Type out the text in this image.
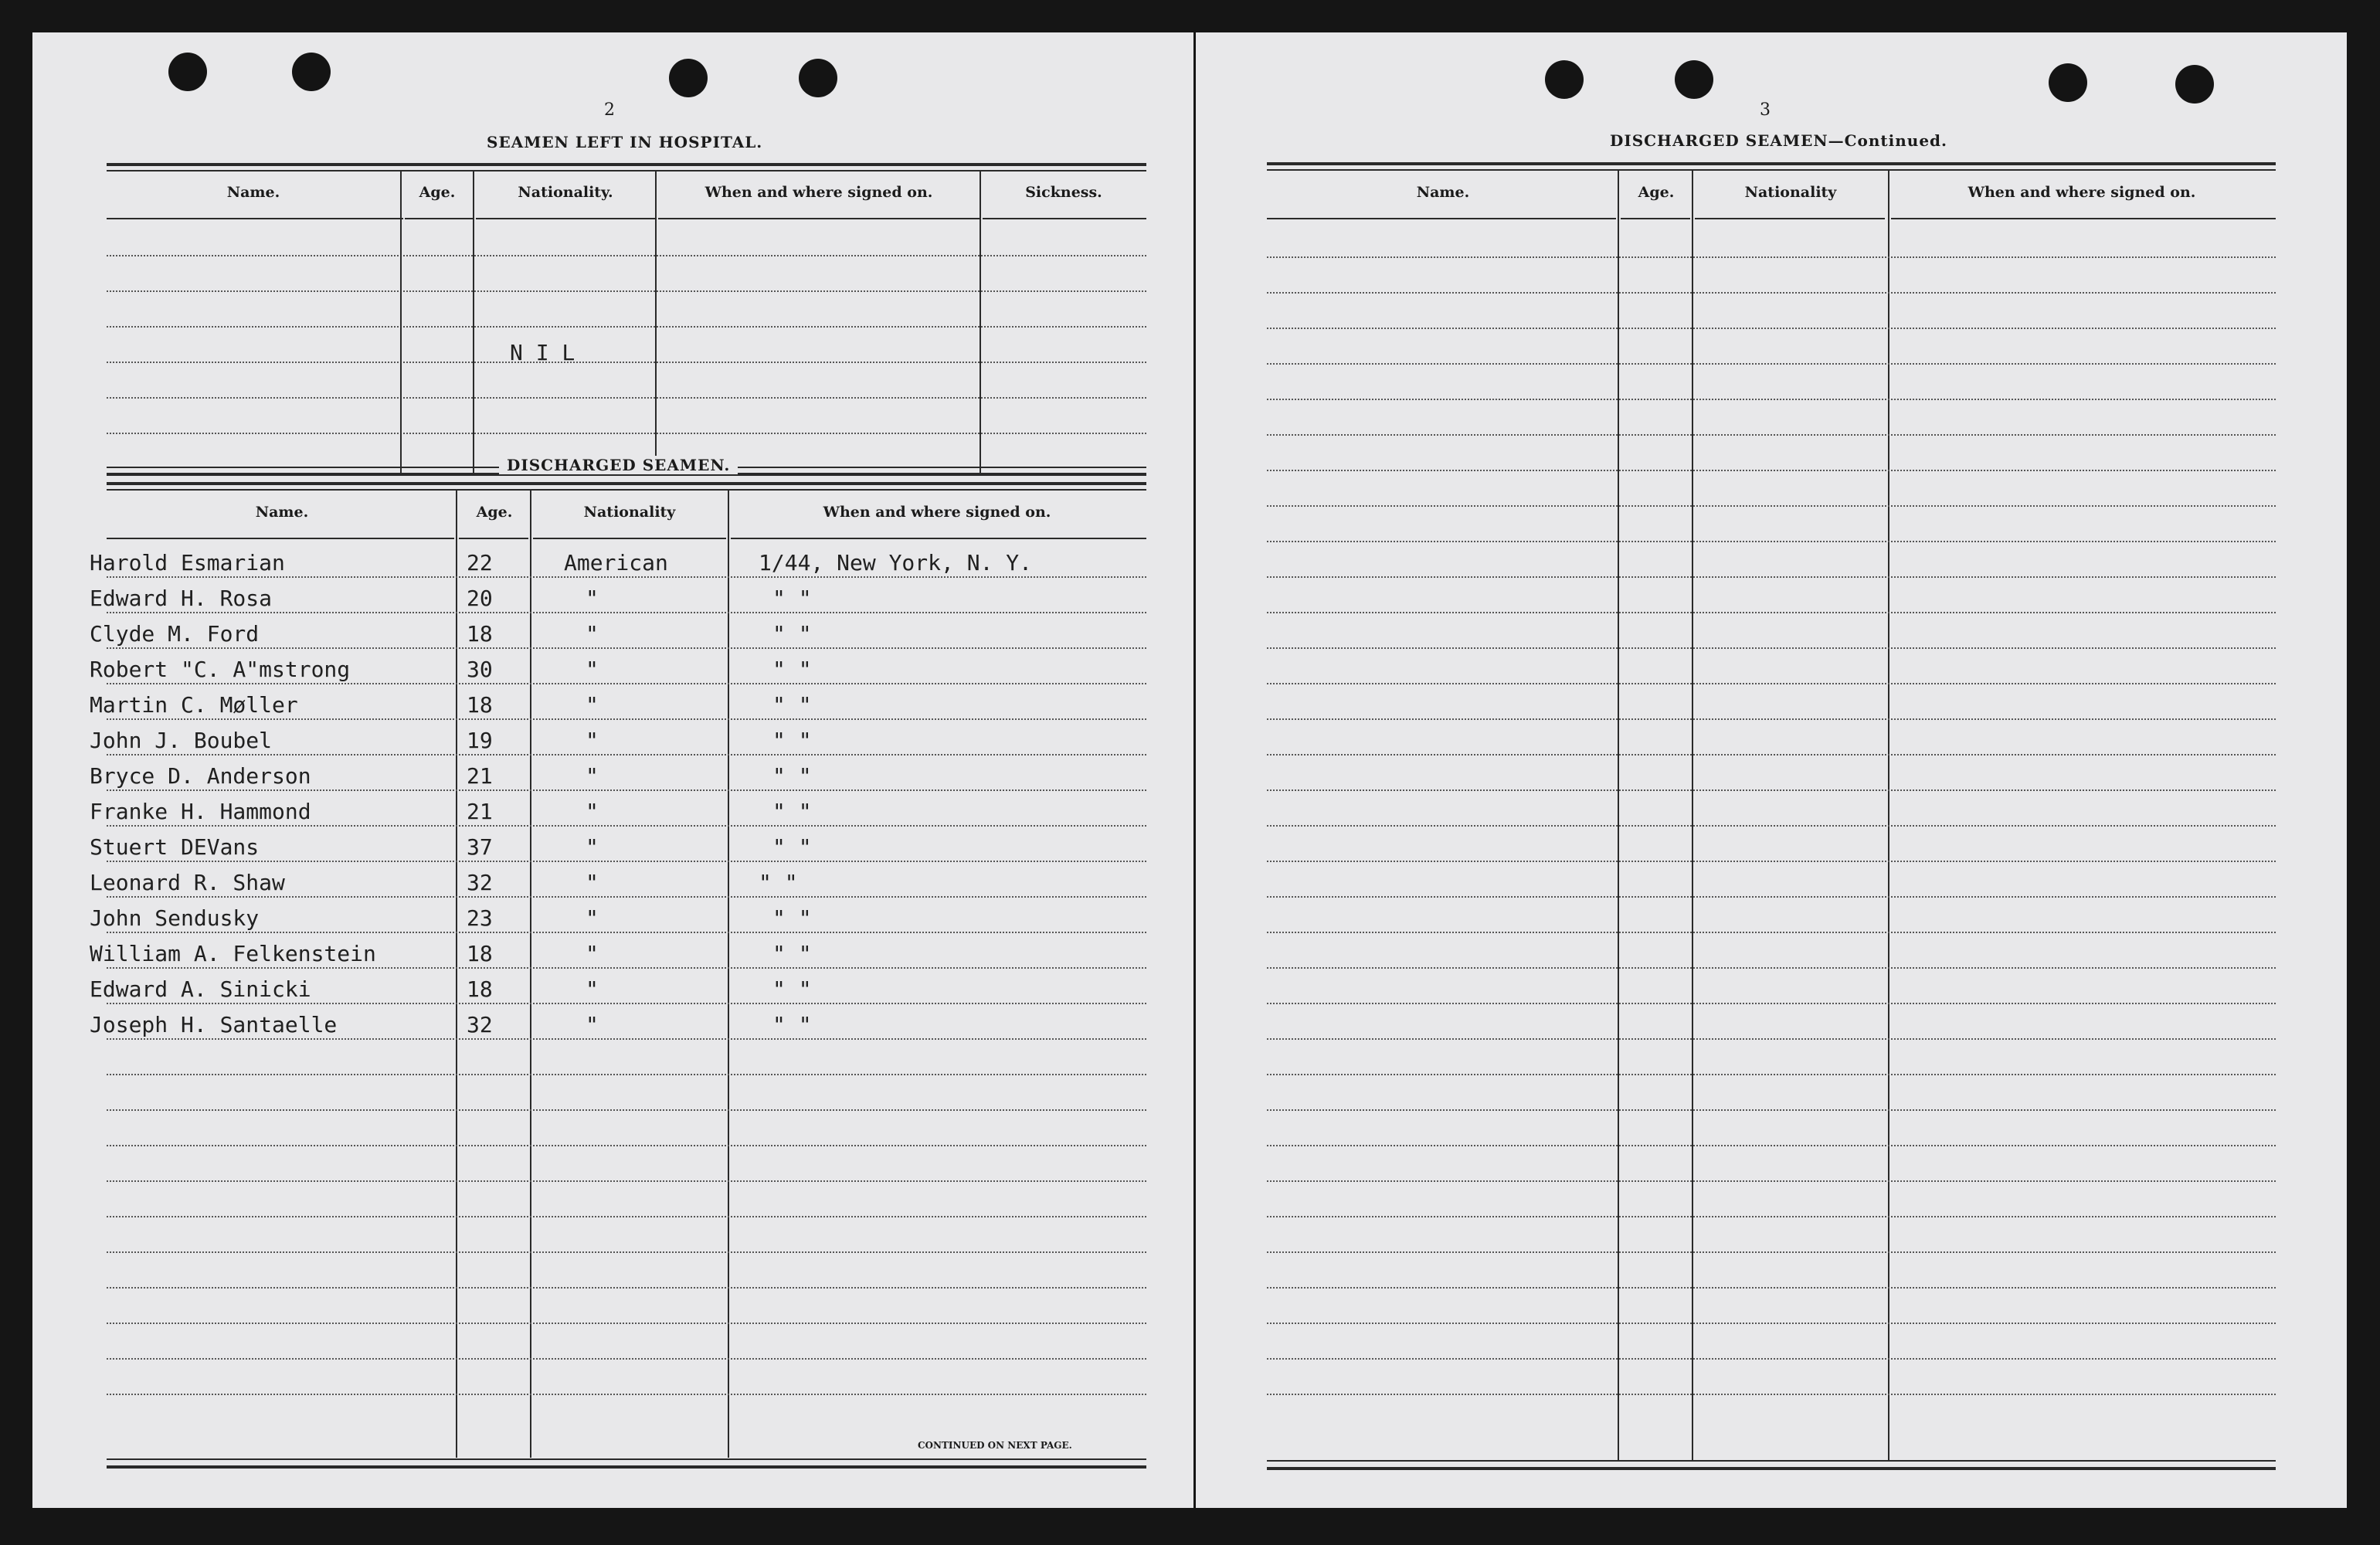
2
SEAMEN LEFT IN HOSPITAL.
Name.	Age.	Nationality.	When and where signed on.	Sickness.
N I L
DISCHARGED SEAMEN.
Name.	Age.	Nationality	When and where signed on.
Harold Esmarian	22	American	1/44, New York, N. Y.
Edward H. Rosa	20	"	" "
Clyde M. Ford	18	"	" "
Robert "C. A"mstrong	30	"	" "
Martin C. Møller	18	"	" "
John J. Boubel	19	"	" "
Bryce D. Anderson	21	"	" "
Franke H. Hammond	21	"	" "
Stuert DEVans	37	"	" "
Leonard R. Shaw	32	"	" "
John Sendusky	23	"	" "
William A. Felkenstein	18	"	" "
Edward A. Sinicki	18	"	" "
Joseph H. Santaelle	32	"	" "
CONTINUED ON NEXT PAGE.
3
DISCHARGED SEAMEN—Continued.
Name.	Age.	Nationality	When and where signed on.
